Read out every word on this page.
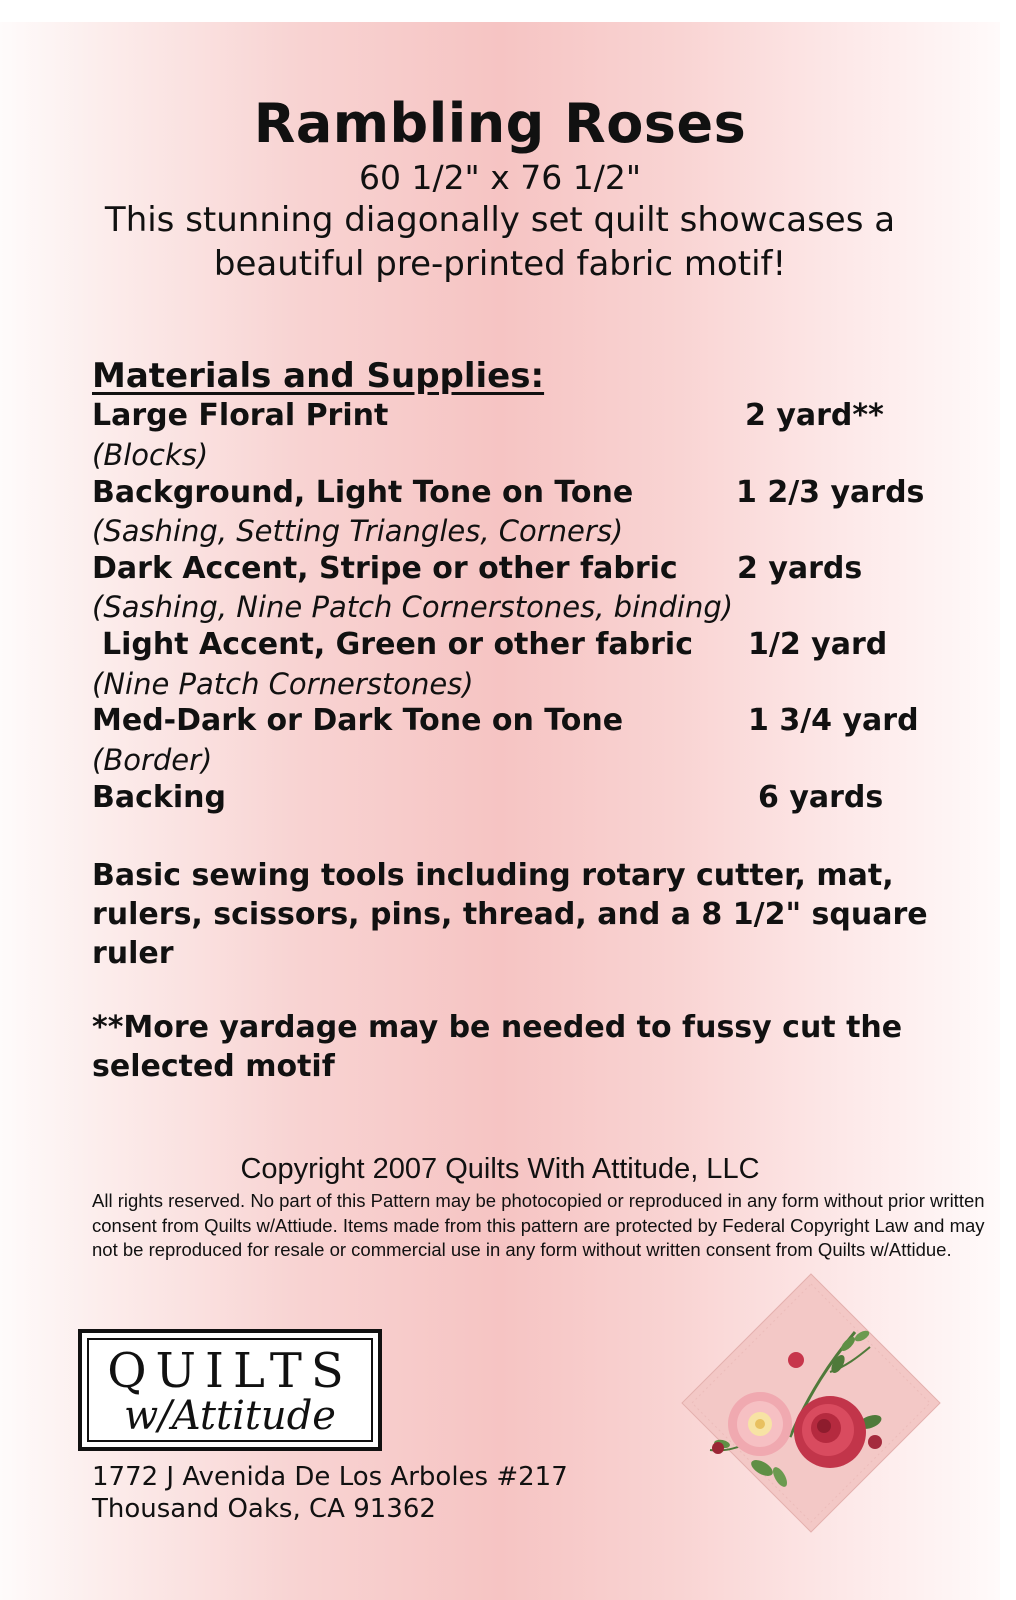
Rambling Roses
60 1/2" x 76 1/2"
This stunning diagonally set quilt showcases a
beautiful pre-printed fabric motif!
Materials and Supplies:
Large Floral Print	2 yard**
(Blocks)
Background, Light Tone on Tone	1 2/3 yards
(Sashing, Setting Triangles, Corners)
Dark Accent, Stripe or other fabric 2 yards
(Sashing, Nine Patch Cornerstones, binding)
Light Accent, Green or other fabric 1/2 yard
(Nine Patch Cornerstones)
Med-Dark or Dark Tone on Tone	1 3/4 yard
(Border)
Backing	6 yards
Basic sewing tools including rotary cutter, mat, rulers, scissors, pins, thread, and a 8 1/2" square ruler
**More yardage may be needed to fussy cut the selected motif
Copyright 2007 Quilts With Attitude, LLC
All rights reserved. No part of this Pattern may be photocopied or reproduced in any form without prior written consent from Quilts w/Attiude. Items made from this pattern are protected by Federal Copyright Law and may not be reproduced for resale or commercial use in any form without written consent from Quilts w/Attidue.
QUILTS
w/Attitude
1772 J Avenida De Los Arboles #217
Thousand Oaks, CA 91362
